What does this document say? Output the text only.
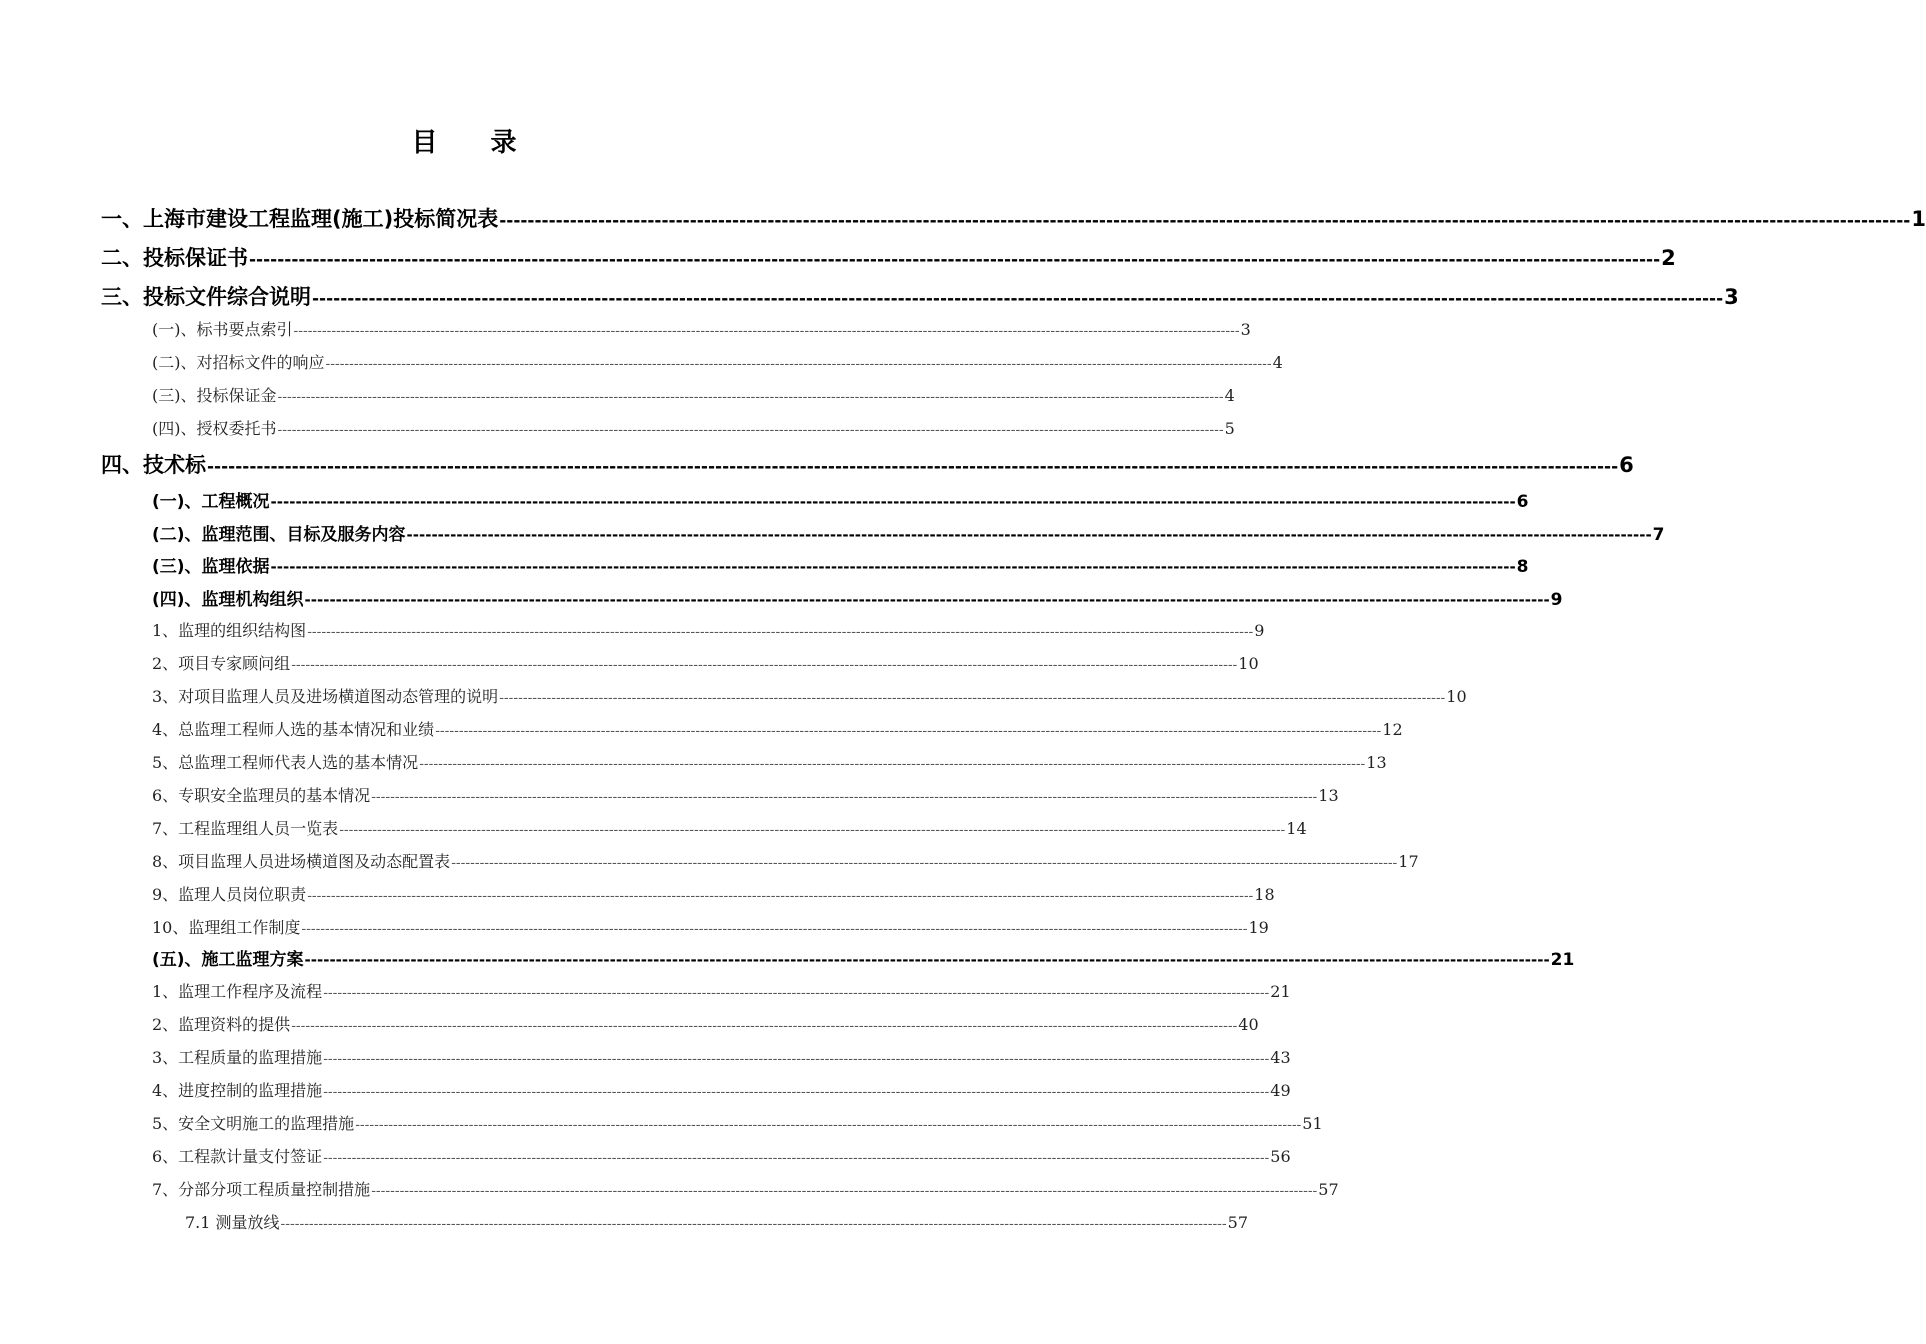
目 录
一、上海市建设工程监理(施工)投标简况表 -------------------------------------------------------------------------------------------------------------------------------------------------------------------------------------------------------- 1
二、投标保证书 -------------------------------------------------------------------------------------------------------------------------------------------------------------------------------------------------------- 2
三、投标文件综合说明 -------------------------------------------------------------------------------------------------------------------------------------------------------------------------------------------------------- 3
(一)、标书要点索引 -------------------------------------------------------------------------------------------------------------------------------------------------------------------------------------------------------- 3
(二)、对招标文件的响应 -------------------------------------------------------------------------------------------------------------------------------------------------------------------------------------------------------- 4
(三)、投标保证金 -------------------------------------------------------------------------------------------------------------------------------------------------------------------------------------------------------- 4
(四)、授权委托书 -------------------------------------------------------------------------------------------------------------------------------------------------------------------------------------------------------- 5
四、技术标 -------------------------------------------------------------------------------------------------------------------------------------------------------------------------------------------------------- 6
(一)、工程概况 -------------------------------------------------------------------------------------------------------------------------------------------------------------------------------------------------------- 6
(二)、监理范围、目标及服务内容 -------------------------------------------------------------------------------------------------------------------------------------------------------------------------------------------------------- 7
(三)、监理依据 -------------------------------------------------------------------------------------------------------------------------------------------------------------------------------------------------------- 8
(四)、监理机构组织 -------------------------------------------------------------------------------------------------------------------------------------------------------------------------------------------------------- 9
1、监理的组织结构图 -------------------------------------------------------------------------------------------------------------------------------------------------------------------------------------------------------- 9
2、项目专家顾问组 -------------------------------------------------------------------------------------------------------------------------------------------------------------------------------------------------------- 10
3、对项目监理人员及进场横道图动态管理的说明 -------------------------------------------------------------------------------------------------------------------------------------------------------------------------------------------------------- 10
4、总监理工程师人选的基本情况和业绩 -------------------------------------------------------------------------------------------------------------------------------------------------------------------------------------------------------- 12
5、总监理工程师代表人选的基本情况 -------------------------------------------------------------------------------------------------------------------------------------------------------------------------------------------------------- 13
6、专职安全监理员的基本情况 -------------------------------------------------------------------------------------------------------------------------------------------------------------------------------------------------------- 13
7、工程监理组人员一览表 -------------------------------------------------------------------------------------------------------------------------------------------------------------------------------------------------------- 14
8、项目监理人员进场横道图及动态配置表 -------------------------------------------------------------------------------------------------------------------------------------------------------------------------------------------------------- 17
9、监理人员岗位职责 -------------------------------------------------------------------------------------------------------------------------------------------------------------------------------------------------------- 18
10、监理组工作制度 -------------------------------------------------------------------------------------------------------------------------------------------------------------------------------------------------------- 19
(五)、施工监理方案 -------------------------------------------------------------------------------------------------------------------------------------------------------------------------------------------------------- 21
1、监理工作程序及流程 -------------------------------------------------------------------------------------------------------------------------------------------------------------------------------------------------------- 21
2、监理资料的提供 -------------------------------------------------------------------------------------------------------------------------------------------------------------------------------------------------------- 40
3、工程质量的监理措施 -------------------------------------------------------------------------------------------------------------------------------------------------------------------------------------------------------- 43
4、进度控制的监理措施 -------------------------------------------------------------------------------------------------------------------------------------------------------------------------------------------------------- 49
5、安全文明施工的监理措施 -------------------------------------------------------------------------------------------------------------------------------------------------------------------------------------------------------- 51
6、工程款计量支付签证 -------------------------------------------------------------------------------------------------------------------------------------------------------------------------------------------------------- 56
7、分部分项工程质量控制措施 -------------------------------------------------------------------------------------------------------------------------------------------------------------------------------------------------------- 57
7.1 测量放线 -------------------------------------------------------------------------------------------------------------------------------------------------------------------------------------------------------- 57
